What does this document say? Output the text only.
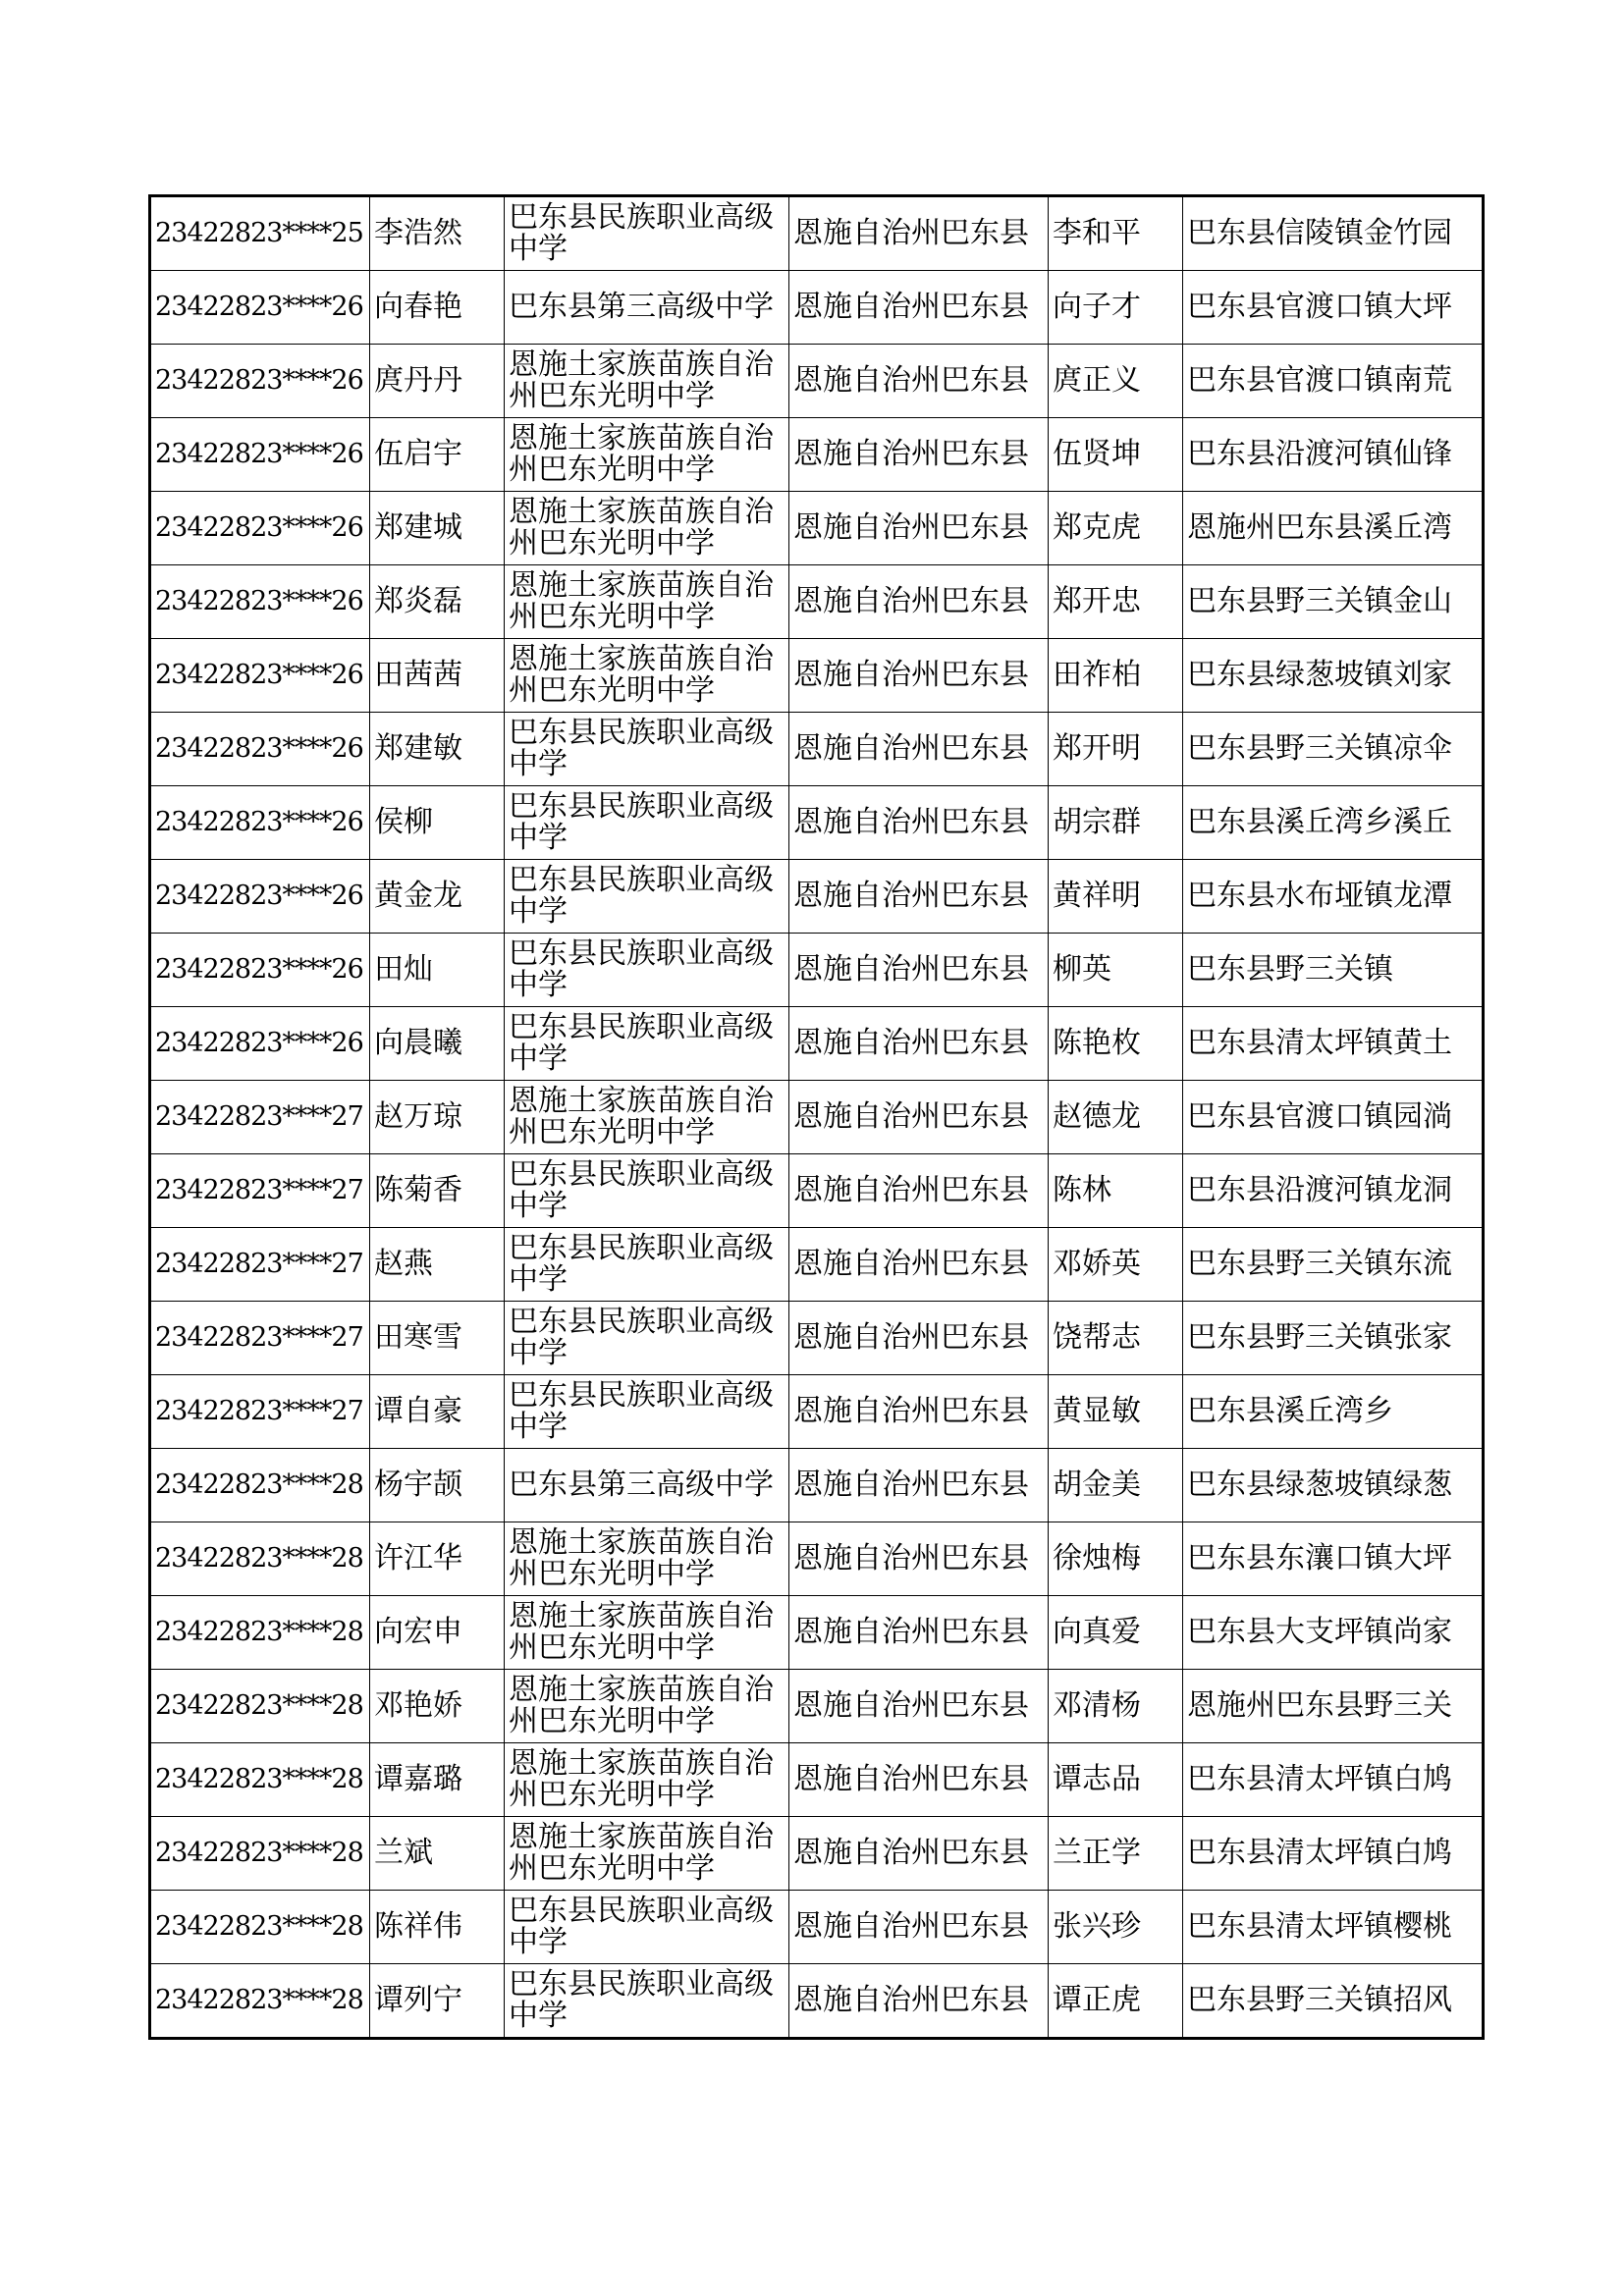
23422823****25	李浩然	巴东县民族职业高级中学	恩施自治州巴东县	李和平	巴东县信陵镇金竹园
23422823****26	向春艳	巴东县第三高级中学	恩施自治州巴东县	向子才	巴东县官渡口镇大坪
23422823****26	庹丹丹	恩施土家族苗族自治州巴东光明中学	恩施自治州巴东县	庹正义	巴东县官渡口镇南荒
23422823****26	伍启宇	恩施土家族苗族自治州巴东光明中学	恩施自治州巴东县	伍贤坤	巴东县沿渡河镇仙锋
23422823****26	郑建城	恩施土家族苗族自治州巴东光明中学	恩施自治州巴东县	郑克虎	恩施州巴东县溪丘湾
23422823****26	郑炎磊	恩施土家族苗族自治州巴东光明中学	恩施自治州巴东县	郑开忠	巴东县野三关镇金山
23422823****26	田茜茜	恩施土家族苗族自治州巴东光明中学	恩施自治州巴东县	田祚柏	巴东县绿葱坡镇刘家
23422823****26	郑建敏	巴东县民族职业高级中学	恩施自治州巴东县	郑开明	巴东县野三关镇凉伞
23422823****26	侯柳	巴东县民族职业高级中学	恩施自治州巴东县	胡宗群	巴东县溪丘湾乡溪丘
23422823****26	黄金龙	巴东县民族职业高级中学	恩施自治州巴东县	黄祥明	巴东县水布垭镇龙潭
23422823****26	田灿	巴东县民族职业高级中学	恩施自治州巴东县	柳英	巴东县野三关镇
23422823****26	向晨曦	巴东县民族职业高级中学	恩施自治州巴东县	陈艳枚	巴东县清太坪镇黄土
23422823****27	赵万琼	恩施土家族苗族自治州巴东光明中学	恩施自治州巴东县	赵德龙	巴东县官渡口镇园淌
23422823****27	陈菊香	巴东县民族职业高级中学	恩施自治州巴东县	陈林	巴东县沿渡河镇龙洞
23422823****27	赵燕	巴东县民族职业高级中学	恩施自治州巴东县	邓娇英	巴东县野三关镇东流
23422823****27	田寒雪	巴东县民族职业高级中学	恩施自治州巴东县	饶帮志	巴东县野三关镇张家
23422823****27	谭自豪	巴东县民族职业高级中学	恩施自治州巴东县	黄显敏	巴东县溪丘湾乡
23422823****28	杨宇颉	巴东县第三高级中学	恩施自治州巴东县	胡金美	巴东县绿葱坡镇绿葱
23422823****28	许江华	恩施土家族苗族自治州巴东光明中学	恩施自治州巴东县	徐烛梅	巴东县东瀼口镇大坪
23422823****28	向宏申	恩施土家族苗族自治州巴东光明中学	恩施自治州巴东县	向真爱	巴东县大支坪镇尚家
23422823****28	邓艳娇	恩施土家族苗族自治州巴东光明中学	恩施自治州巴东县	邓清杨	恩施州巴东县野三关
23422823****28	谭嘉璐	恩施土家族苗族自治州巴东光明中学	恩施自治州巴东县	谭志品	巴东县清太坪镇白鸠
23422823****28	兰斌	恩施土家族苗族自治州巴东光明中学	恩施自治州巴东县	兰正学	巴东县清太坪镇白鸠
23422823****28	陈祥伟	巴东县民族职业高级中学	恩施自治州巴东县	张兴珍	巴东县清太坪镇樱桃
23422823****28	谭列宁	巴东县民族职业高级中学	恩施自治州巴东县	谭正虎	巴东县野三关镇招风
